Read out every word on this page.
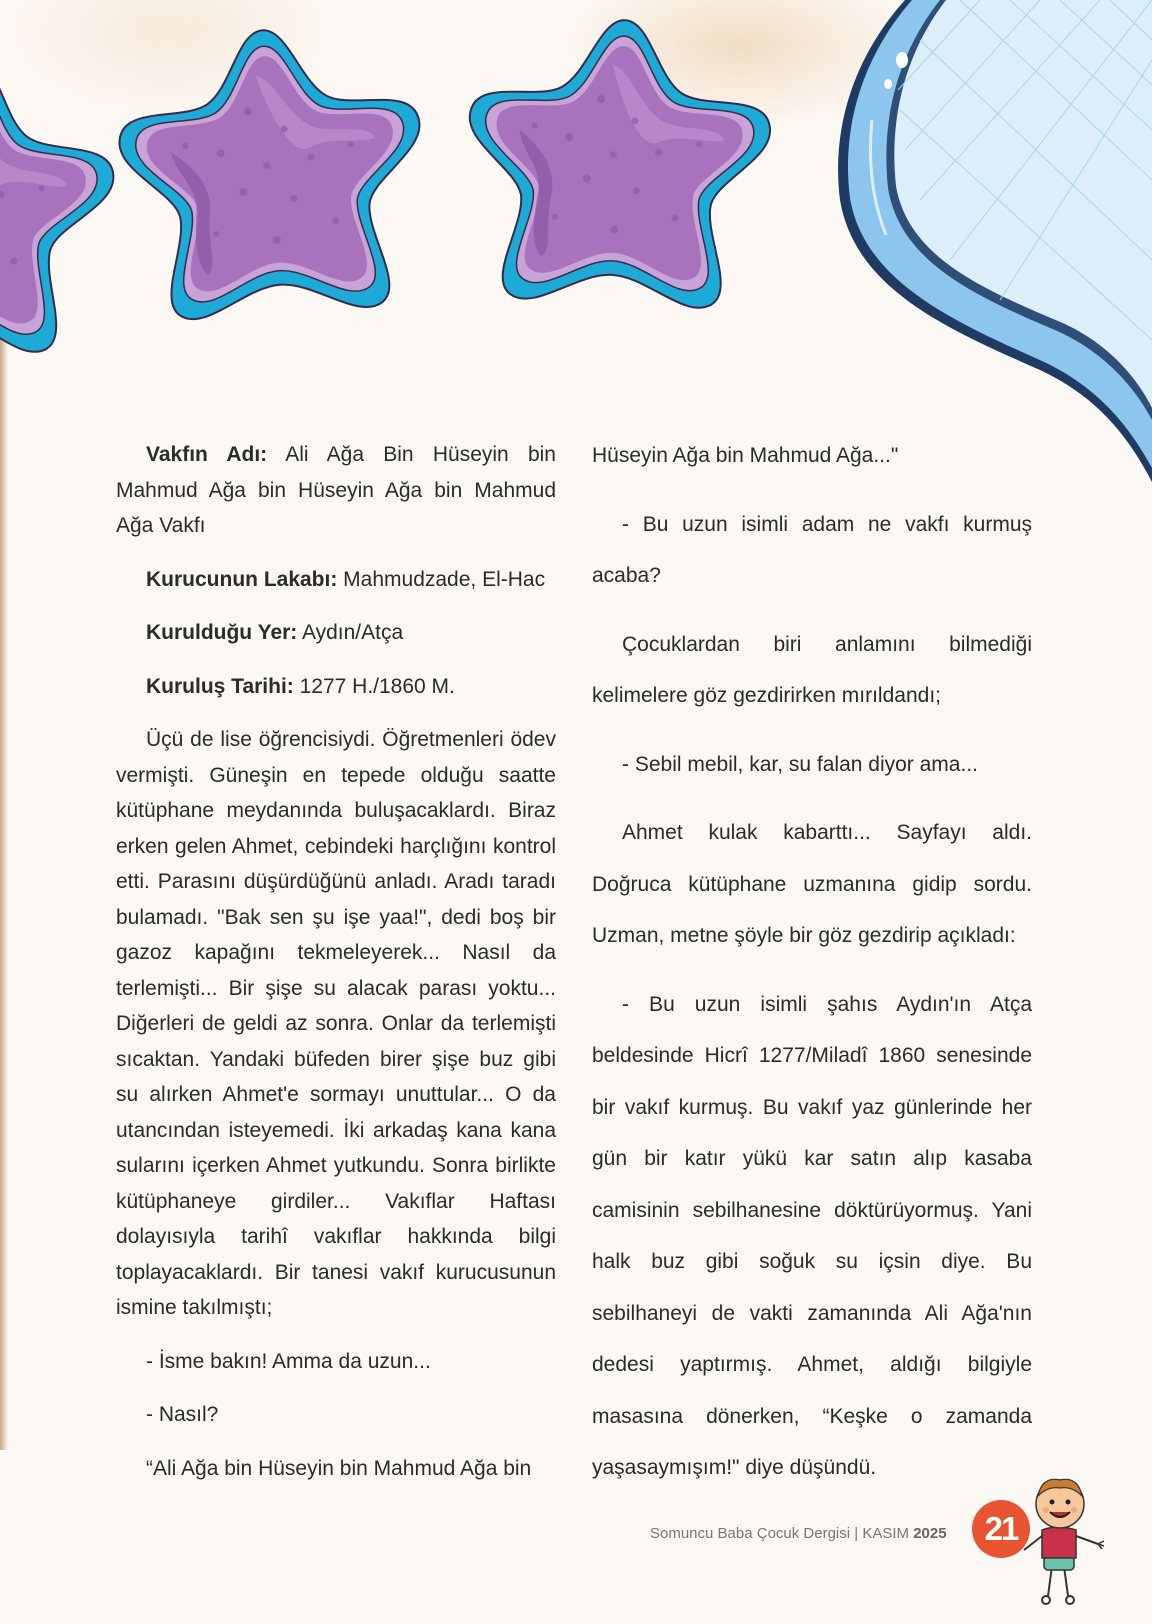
Vakfın Adı: Ali Ağa Bin Hüseyin bin Mahmud Ağa bin Hüseyin Ağa bin Mahmud Ağa Vakfı

Kurucunun Lakabı: Mahmudzade, El-Hac

Kurulduğu Yer: Aydın/Atça

Kuruluş Tarihi: 1277 H./1860 M.

Üçü de lise öğrencisiydi. Öğretmenleri ödev vermişti. Güneşin en tepede olduğu saatte kütüphane meydanında buluşacaklardı. Biraz erken gelen Ahmet, cebindeki harçlığını kontrol etti. Parasını düşürdüğünü anladı. Aradı taradı bulamadı. "Bak sen şu işe yaa!", dedi boş bir gazoz kapağını tekmeleyerek... Nasıl da terlemişti... Bir şişe su alacak parası yoktu... Diğerleri de geldi az sonra. Onlar da terlemişti sıcaktan. Yandaki büfeden birer şişe buz gibi su alırken Ahmet'e sormayı unuttular... O da utancından isteyemedi. İki arkadaş kana kana sularını içerken Ahmet yutkundu. Sonra birlikte kütüphaneye girdiler... Vakıflar Haftası dolayısıyla tarihî vakıflar hakkında bilgi toplayacaklardı. Bir tanesi vakıf kurucusunun ismine takılmıştı;

- İsme bakın! Amma da uzun...

- Nasıl?

“Ali Ağa bin Hüseyin bin Mahmud Ağa bin

Hüseyin Ağa bin Mahmud Ağa..."

- Bu uzun isimli adam ne vakfı kurmuş acaba?

Çocuklardan biri anlamını bilmediği kelimelere göz gezdirirken mırıldandı;

- Sebil mebil, kar, su falan diyor ama...

Ahmet kulak kabarttı... Sayfayı aldı. Doğruca kütüphane uzmanına gidip sordu. Uzman, metne şöyle bir göz gezdirip açıkladı:

- Bu uzun isimli şahıs Aydın'ın Atça beldesinde Hicrî 1277/Miladî 1860 senesinde bir vakıf kurmuş. Bu vakıf yaz günlerinde her gün bir katır yükü kar satın alıp kasaba camisinin sebilhanesine döktürüyormuş. Yani halk buz gibi soğuk su içsin diye. Bu sebilhaneyi de vakti zamanında Ali Ağa'nın dedesi yaptırmış. Ahmet, aldığı bilgiyle masasına dönerken, “Keşke o zamanda yaşasaymışım!" diye düşündü.

Somuncu Baba Çocuk Dergisi | KASIM 2025	21
